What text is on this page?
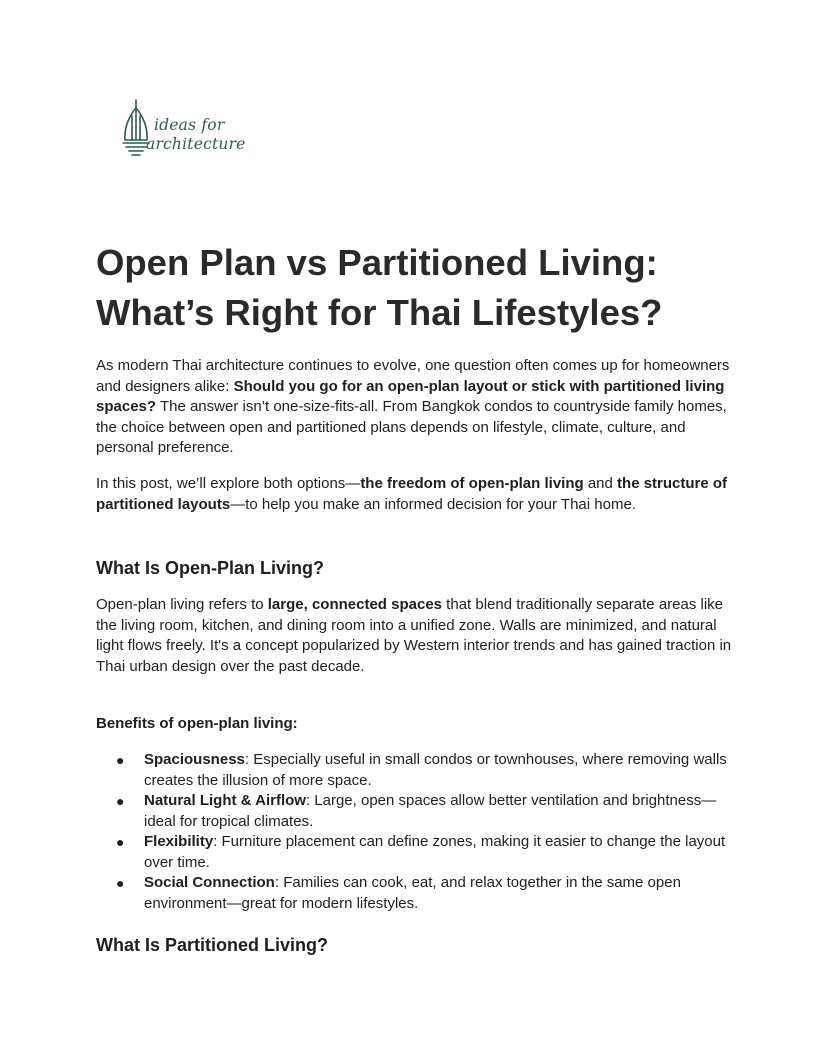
ideas for
architecture
Open Plan vs Partitioned Living:
What’s Right for Thai Lifestyles?

As modern Thai architecture continues to evolve, one question often comes up for homeowners and designers alike: Should you go for an open-plan layout or stick with partitioned living spaces? The answer isn’t one-size-fits-all. From Bangkok condos to countryside family homes, the choice between open and partitioned plans depends on lifestyle, climate, culture, and personal preference.

In this post, we’ll explore both options—the freedom of open-plan living and the structure of partitioned layouts—to help you make an informed decision for your Thai home.

What Is Open-Plan Living?

Open-plan living refers to large, connected spaces that blend traditionally separate areas like the living room, kitchen, and dining room into a unified zone. Walls are minimized, and natural light flows freely. It's a concept popularized by Western interior trends and has gained traction in Thai urban design over the past decade.

Benefits of open-plan living:
● Spaciousness: Especially useful in small condos or townhouses, where removing walls creates the illusion of more space.
● Natural Light & Airflow: Large, open spaces allow better ventilation and brightness—ideal for tropical climates.
● Flexibility: Furniture placement can define zones, making it easier to change the layout over time.
● Social Connection: Families can cook, eat, and relax together in the same open environment—great for modern lifestyles.
What Is Partitioned Living?
